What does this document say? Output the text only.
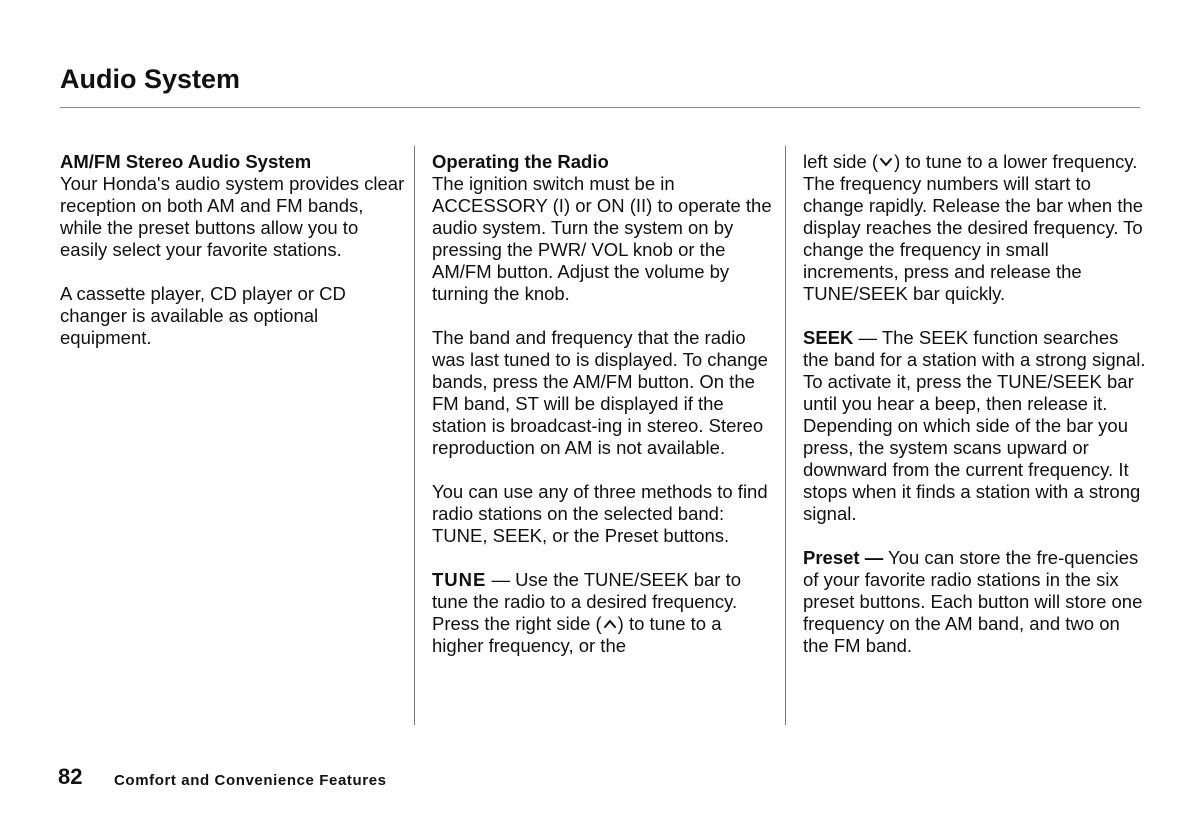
Audio System

AM/FM Stereo Audio System
Your Honda's audio system provides clear reception on both AM and FM bands, while the preset buttons allow you to easily select your favorite stations.

A cassette player, CD player or CD changer is available as optional equipment.

Operating the Radio
The ignition switch must be in ACCESSORY (I) or ON (II) to operate the audio system. Turn the system on by pressing the PWR/ VOL knob or the AM/FM button. Adjust the volume by turning the knob.

The band and frequency that the radio was last tuned to is displayed. To change bands, press the AM/FM button. On the FM band, ST will be displayed if the station is broadcast-ing in stereo. Stereo reproduction on AM is not available.

You can use any of three methods to find radio stations on the selected band: TUNE, SEEK, or the Preset buttons.

TUNE — Use the TUNE/SEEK bar to tune the radio to a desired frequency. Press the right side ( ) to tune to a higher frequency, or the

left side ( ) to tune to a lower frequency. The frequency numbers will start to change rapidly. Release the bar when the display reaches the desired frequency. To change the frequency in small increments, press and release the TUNE/SEEK bar quickly.

SEEK — The SEEK function searches the band for a station with a strong signal. To activate it, press the TUNE/SEEK bar until you hear a beep, then release it. Depending on which side of the bar you press, the system scans upward or downward from the current frequency. It stops when it finds a station with a strong signal.

Preset — You can store the fre-quencies of your favorite radio stations in the six preset buttons. Each button will store one frequency on the AM band, and two on the FM band.

82 Comfort and Convenience Features
